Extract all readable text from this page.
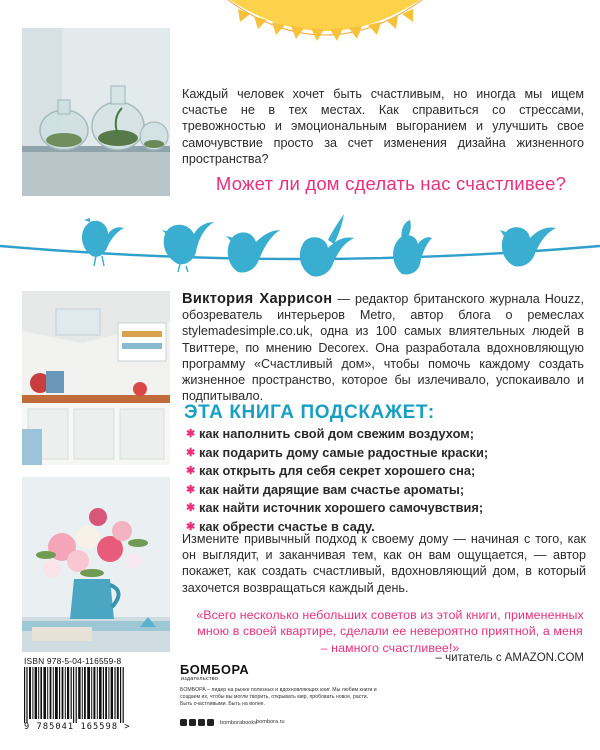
Каждый человек хочет быть счастливым, но иногда мы ищем счастье не в тех местах. Как справиться со стрессами, тревожностью и эмоциональным выгоранием и улучшить свое самочувствие просто за счет изменения дизайна жизненного пространства?

Может ли дом сделать нас счастливее?

Виктория Харрисон — редактор британского журнала Houzz, обозреватель интерьеров Metro, автор блога о ремеслах stylemadesimple.co.uk, одна из 100 самых влиятельных людей в Твиттере, по мнению Decorex. Она разработала вдохновляющую программу «Счастливый дом», чтобы помочь каждому создать жизненное пространство, которое бы излечивало, успокаивало и подпитывало.

ЭТА КНИГА ПОДСКАЖЕТ:
✱ как наполнить свой дом свежим воздухом;
✱ как подарить дому самые радостные краски;
✱ как открыть для себя секрет хорошего сна;
✱ как найти дарящие вам счастье ароматы;
✱ как найти источник хорошего самочувствия;
✱ как обрести счастье в саду.

Измените привычный подход к своему дому — начиная с того, как он выглядит, и заканчивая тем, как он вам ощущается, — автор покажет, как создать счастливый, вдохновляющий дом, в который захочется возвращаться каждый день.

«Всего несколько небольших советов из этой книги, примененных мною в своей квартире, сделали ее невероятно приятной, а меня – намного счастливее!»

– читатель с AMAZON.COM

ISBN 978-5-04-116559-8
9 785041 165598 >
БОМБОРА
издательство

БОМБОРА – лидер на рынке полезных и вдохновляющих книг. Мы любим книги и создаем их, чтобы вы могли творить, открывать мир, пробовать новое, расти. Быть счастливыми. Быть на волне.

bomborabooks
bombora.ru
